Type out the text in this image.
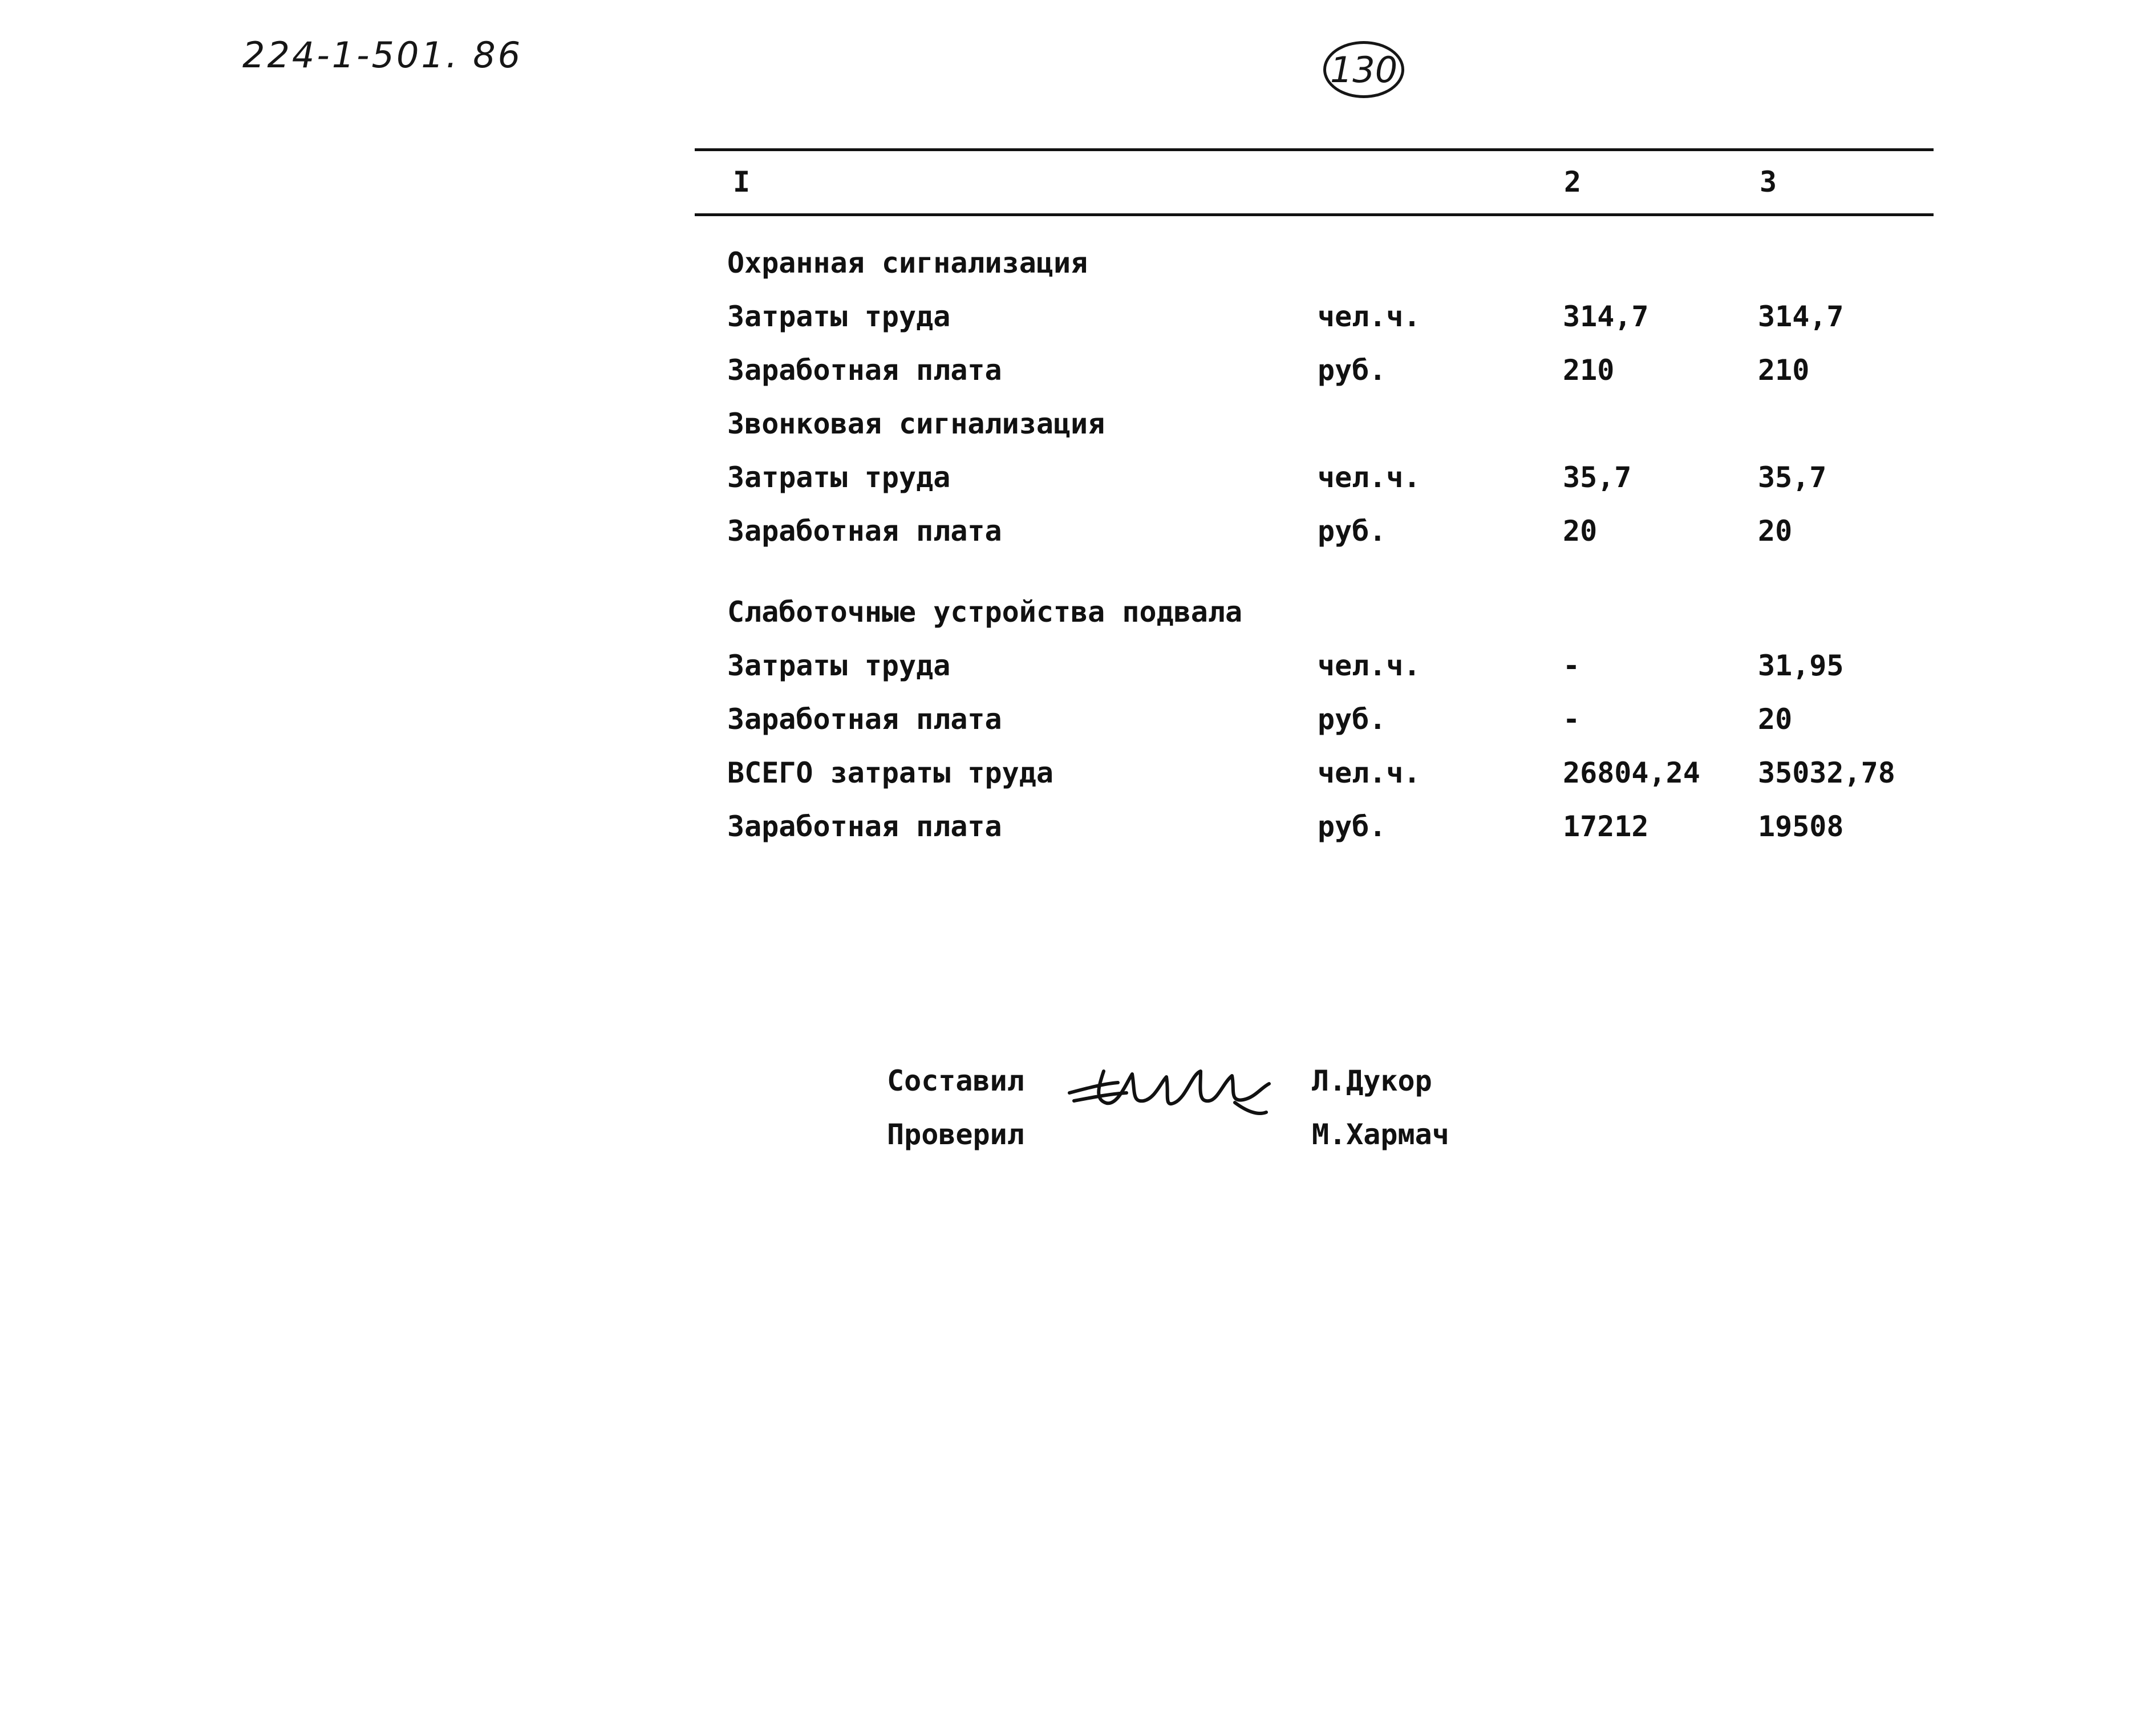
224-1-501. 86	130
I	2	3
Охранная сигнализация
Затраты труда	чел.ч.	314,7	314,7
Заработная плата	руб.	210	210
Звонковая сигнализация
Затраты труда	чел.ч.	35,7	35,7
Заработная плата	руб.	20	20
Слаботочные устройства подвала
Затраты труда	чел.ч.	-	31,95
Заработная плата	руб.	-	20
ВСЕГО затраты труда	чел.ч.	26804,24 35032,78
Заработная плата	руб.	17212	19508
Составил	Л.Дукор
Проверил	М.Хармач
